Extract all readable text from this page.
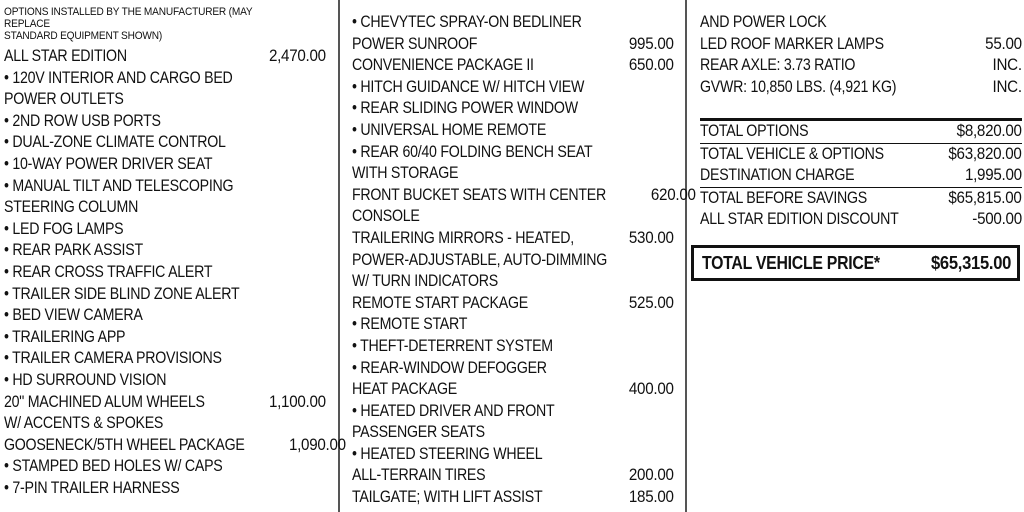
OPTIONS INSTALLED BY THE MANUFACTURER (MAY REPLACE
STANDARD EQUIPMENT SHOWN)
ALL STAR EDITION	2,470.00
• 120V INTERIOR AND CARGO BED
POWER OUTLETS
• 2ND ROW USB PORTS
• DUAL-ZONE CLIMATE CONTROL
• 10-WAY POWER DRIVER SEAT
• MANUAL TILT AND TELESCOPING
STEERING COLUMN
• LED FOG LAMPS
• REAR PARK ASSIST
• REAR CROSS TRAFFIC ALERT
• TRAILER SIDE BLIND ZONE ALERT
• BED VIEW CAMERA
• TRAILERING APP
• TRAILER CAMERA PROVISIONS
• HD SURROUND VISION
20" MACHINED ALUM WHEELS	1,100.00
W/ ACCENTS & SPOKES
GOOSENECK/5TH WHEEL PACKAGE	1,090.00
• STAMPED BED HOLES W/ CAPS
• 7-PIN TRAILER HARNESS
• CHEVYTEC SPRAY-ON BEDLINER
POWER SUNROOF	995.00
CONVENIENCE PACKAGE II	650.00
• HITCH GUIDANCE W/ HITCH VIEW
• REAR SLIDING POWER WINDOW
• UNIVERSAL HOME REMOTE
• REAR 60/40 FOLDING BENCH SEAT
WITH STORAGE
FRONT BUCKET SEATS WITH CENTER	620.00
CONSOLE
TRAILERING MIRRORS - HEATED,	530.00
POWER-ADJUSTABLE, AUTO-DIMMING
W/ TURN INDICATORS
REMOTE START PACKAGE	525.00
• REMOTE START
• THEFT-DETERRENT SYSTEM
• REAR-WINDOW DEFOGGER
HEAT PACKAGE	400.00
• HEATED DRIVER AND FRONT
PASSENGER SEATS
• HEATED STEERING WHEEL
ALL-TERRAIN TIRES	200.00
TAILGATE; WITH LIFT ASSIST	185.00
AND POWER LOCK
LED ROOF MARKER LAMPS	55.00
REAR AXLE: 3.73 RATIO	INC.
GVWR: 10,850 LBS. (4,921 KG)	INC.
TOTAL OPTIONS	$8,820.00
TOTAL VEHICLE & OPTIONS	$63,820.00
DESTINATION CHARGE	1,995.00
TOTAL BEFORE SAVINGS	$65,815.00
ALL STAR EDITION DISCOUNT	-500.00
TOTAL VEHICLE PRICE*	$65,315.00
